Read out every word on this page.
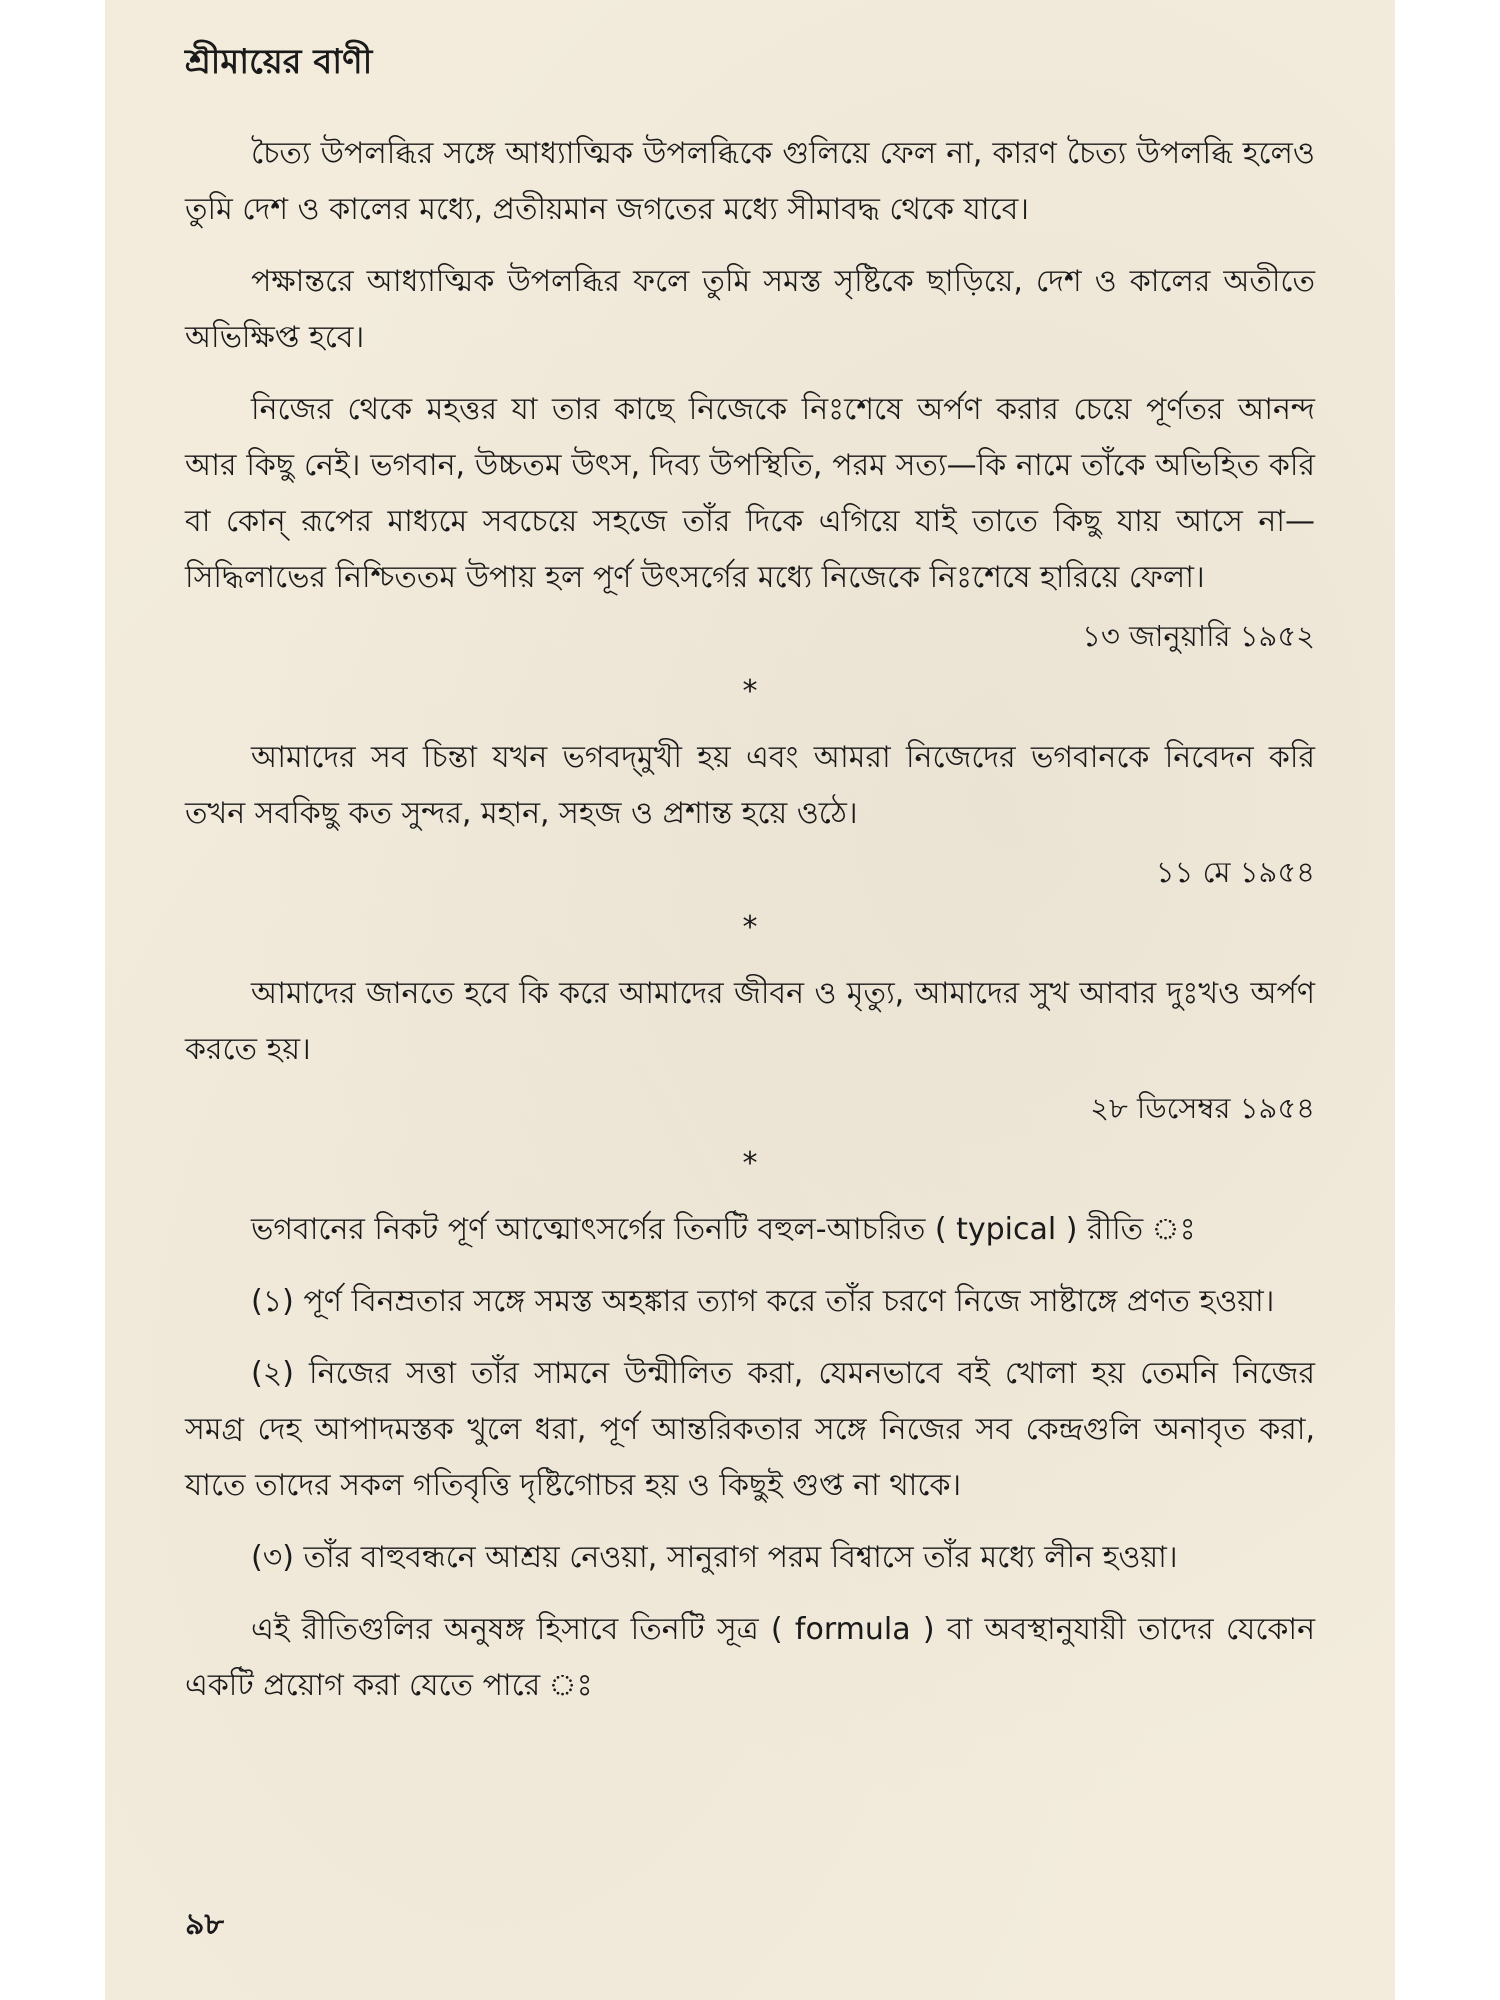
শ্রীমায়ের বাণী

চৈত্য উপলব্ধির সঙ্গে আধ্যাত্মিক উপলব্ধিকে গুলিয়ে ফেল না, কারণ চৈত্য উপলব্ধি হলেও তুমি দেশ ও কালের মধ্যে, প্রতীয়মান জগতের মধ্যে সীমাবদ্ধ থেকে যাবে।

পক্ষান্তরে আধ্যাত্মিক উপলব্ধির ফলে তুমি সমস্ত সৃষ্টিকে ছাড়িয়ে, দেশ ও কালের অতীতে অভিক্ষিপ্ত হবে।

নিজের থেকে মহত্তর যা তার কাছে নিজেকে নিঃশেষে অর্পণ করার চেয়ে পূর্ণতর আনন্দ আর কিছু নেই। ভগবান, উচ্চতম উৎস, দিব্য উপস্থিতি, পরম সত্য—কি নামে তাঁকে অভিহিত করি বা কোন্ রূপের মাধ্যমে সবচেয়ে সহজে তাঁর দিকে এগিয়ে যাই তাতে কিছু যায় আসে না—সিদ্ধিলাভের নিশ্চিততম উপায় হল পূর্ণ উৎসর্গের মধ্যে নিজেকে নিঃশেষে হারিয়ে ফেলা।

১৩ জানুয়ারি ১৯৫২
*

আমাদের সব চিন্তা যখন ভগবদ্‌মুখী হয় এবং আমরা নিজেদের ভগবানকে নিবেদন করি তখন সবকিছু কত সুন্দর, মহান, সহজ ও প্রশান্ত হয়ে ওঠে।

১১ মে ১৯৫৪
*

আমাদের জানতে হবে কি করে আমাদের জীবন ও মৃত্যু, আমাদের সুখ আবার দুঃখও অর্পণ করতে হয়।

২৮ ডিসেম্বর ১৯৫৪
*

ভগবানের নিকট পূর্ণ আত্মোৎসর্গের তিনটি বহুল-আচরিত ( typical ) রীতি ঃ

(১) পূর্ণ বিনম্রতার সঙ্গে সমস্ত অহঙ্কার ত্যাগ করে তাঁর চরণে নিজে সাষ্টাঙ্গে প্রণত হওয়া।

(২) নিজের সত্তা তাঁর সামনে উন্মীলিত করা, যেমনভাবে বই খোলা হয় তেমনি নিজের সমগ্র দেহ আপাদমস্তক খুলে ধরা, পূর্ণ আন্তরিকতার সঙ্গে নিজের সব কেন্দ্রগুলি অনাবৃত করা, যাতে তাদের সকল গতিবৃত্তি দৃষ্টিগোচর হয় ও কিছুই গুপ্ত না থাকে।

(৩) তাঁর বাহুবন্ধনে আশ্রয় নেওয়া, সানুরাগ পরম বিশ্বাসে তাঁর মধ্যে লীন হওয়া।

এই রীতিগুলির অনুষঙ্গ হিসাবে তিনটি সূত্র ( formula ) বা অবস্থানুযায়ী তাদের যেকোন একটি প্রয়োগ করা যেতে পারে ঃ

৯৮
